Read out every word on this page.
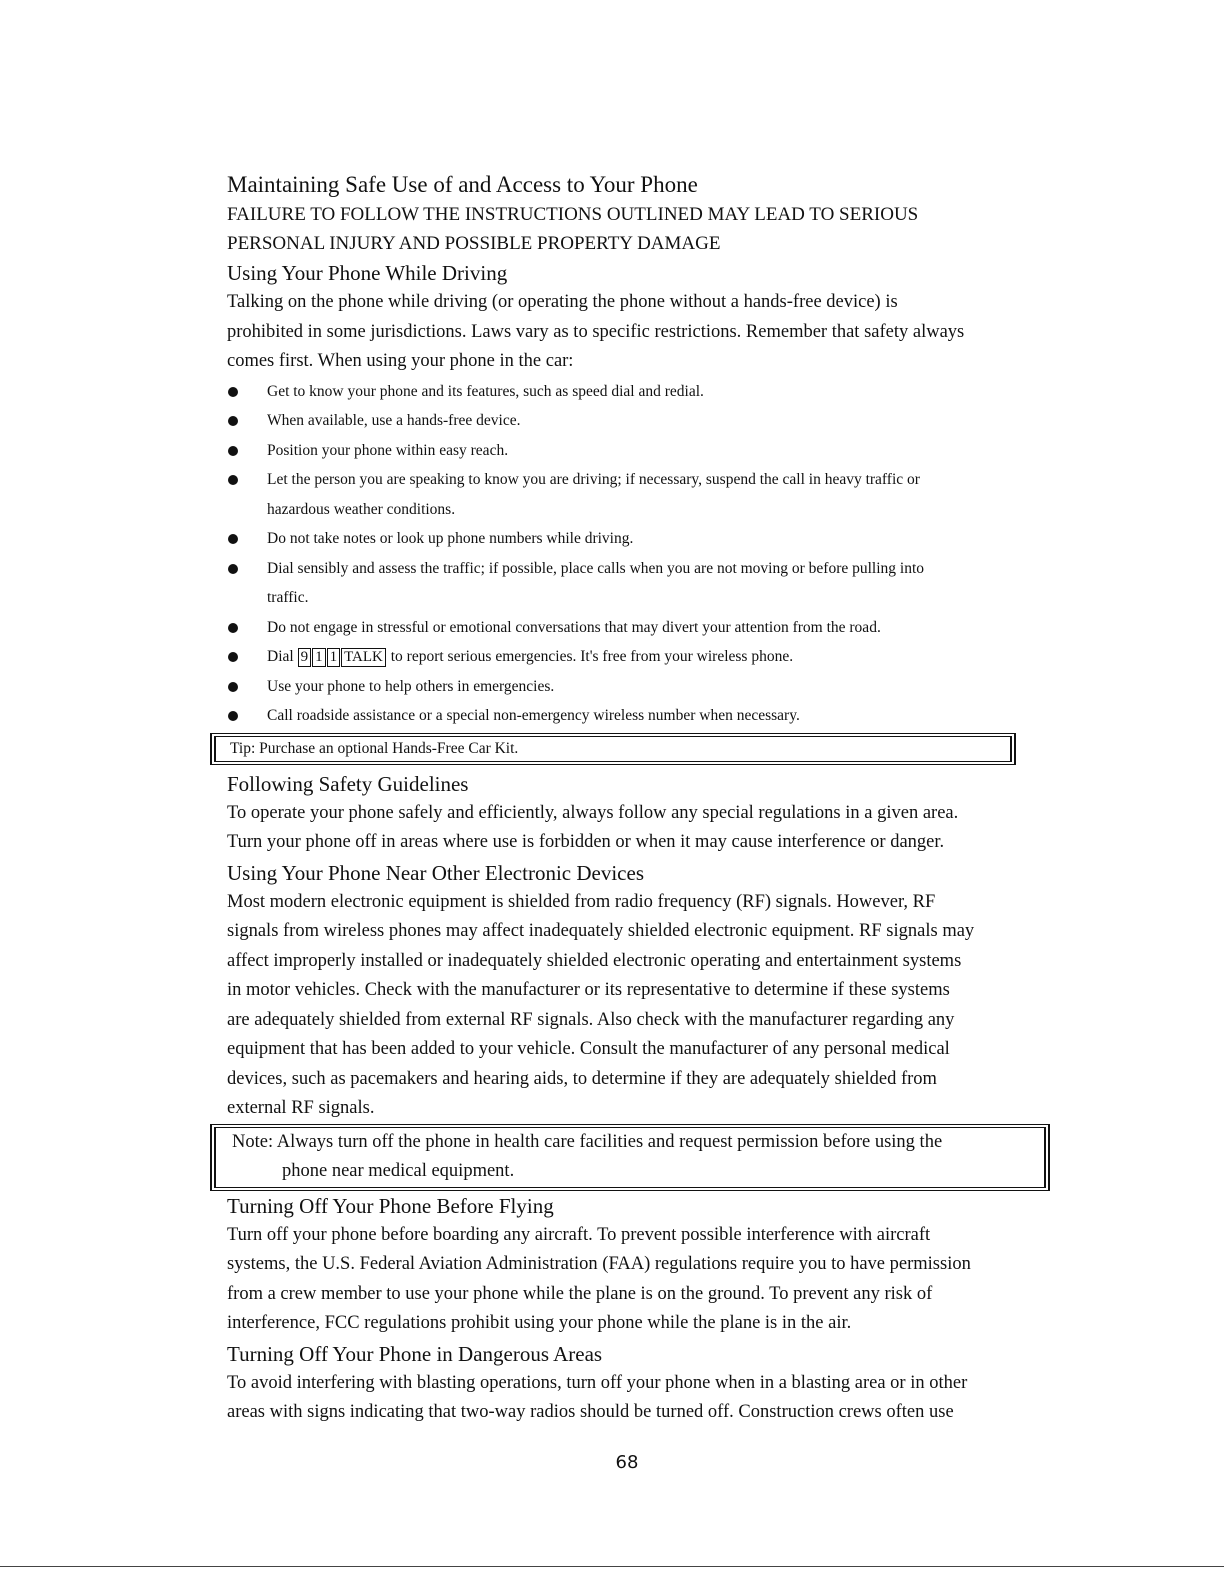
Maintaining Safe Use of and Access to Your Phone

FAILURE TO FOLLOW THE INSTRUCTIONS OUTLINED MAY LEAD TO SERIOUS

PERSONAL INJURY AND POSSIBLE PROPERTY DAMAGE

Using Your Phone While Driving

Talking on the phone while driving (or operating the phone without a hands-free device) is

prohibited in some jurisdictions. Laws vary as to specific restrictions. Remember that safety always

comes first. When using your phone in the car:

Get to know your phone and its features, such as speed dial and redial.
When available, use a hands-free device.
Position your phone within easy reach.
Let the person you are speaking to know you are driving; if necessary, suspend the call in heavy traffic or
hazardous weather conditions.
Do not take notes or look up phone numbers while driving.
Dial sensibly and assess the traffic; if possible, place calls when you are not moving or before pulling into
traffic.
Do not engage in stressful or emotional conversations that may divert your attention from the road.
Dial 9 1 1 TALK to report serious emergencies. It's free from your wireless phone.
Use your phone to help others in emergencies.
Call roadside assistance or a special non-emergency wireless number when necessary.
Tip: Purchase an optional Hands-Free Car Kit.
Following Safety Guidelines

To operate your phone safely and efficiently, always follow any special regulations in a given area.

Turn your phone off in areas where use is forbidden or when it may cause interference or danger.

Using Your Phone Near Other Electronic Devices

Most modern electronic equipment is shielded from radio frequency (RF) signals. However, RF

signals from wireless phones may affect inadequately shielded electronic equipment. RF signals may

affect improperly installed or inadequately shielded electronic operating and entertainment systems

in motor vehicles. Check with the manufacturer or its representative to determine if these systems

are adequately shielded from external RF signals. Also check with the manufacturer regarding any

equipment that has been added to your vehicle. Consult the manufacturer of any personal medical

devices, such as pacemakers and hearing aids, to determine if they are adequately shielded from

external RF signals.

Note: Always turn off the phone in health care facilities and request permission before using the
phone near medical equipment.
Turning Off Your Phone Before Flying

Turn off your phone before boarding any aircraft. To prevent possible interference with aircraft

systems, the U.S. Federal Aviation Administration (FAA) regulations require you to have permission

from a crew member to use your phone while the plane is on the ground. To prevent any risk of

interference, FCC regulations prohibit using your phone while the plane is in the air.

Turning Off Your Phone in Dangerous Areas

To avoid interfering with blasting operations, turn off your phone when in a blasting area or in other

areas with signs indicating that two-way radios should be turned off. Construction crews often use

68
